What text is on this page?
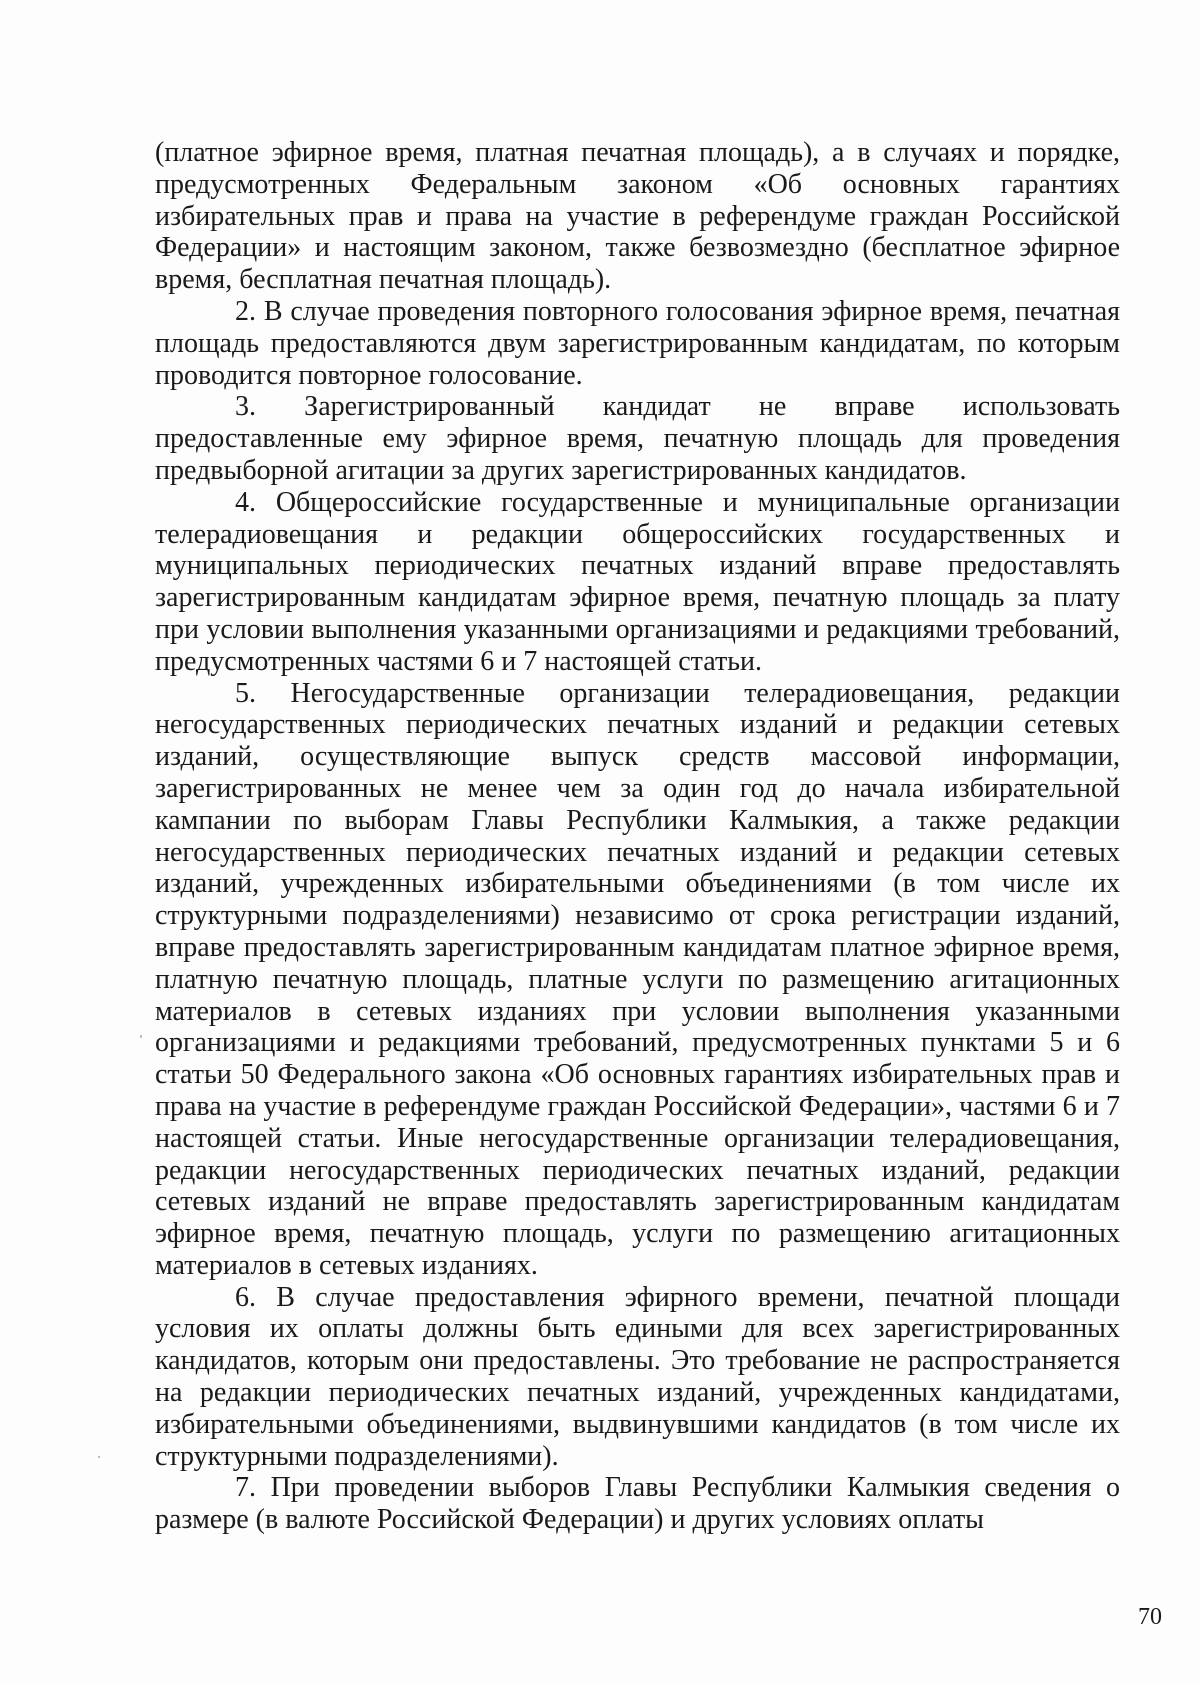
(платное эфирное время, платная печатная площадь), а в случаях и порядке, предусмотренных Федеральным законом «Об основных гарантиях избирательных прав и права на участие в референдуме граждан Российской Федерации» и настоящим законом, также безвозмездно (бесплатное эфирное время, бесплатная печатная площадь).

2. В случае проведения повторного голосования эфирное время, печатная площадь предоставляются двум зарегистрированным кандидатам, по которым проводится повторное голосование.

3. Зарегистрированный кандидат не вправе использовать предоставленные ему эфирное время, печатную площадь для проведения предвыборной агитации за других зарегистрированных кандидатов.

4. Общероссийские государственные и муниципальные организации телерадиовещания и редакции общероссийских государственных и муниципальных периодических печатных изданий вправе предоставлять зарегистрированным кандидатам эфирное время, печатную площадь за плату при условии выполнения указанными организациями и редакциями требований, предусмотренных частями 6 и 7 настоящей статьи.

5. Негосударственные организации телерадиовещания, редакции негосударственных периодических печатных изданий и редакции сетевых изданий, осуществляющие выпуск средств массовой информации, зарегистрированных не менее чем за один год до начала избирательной кампании по выборам Главы Республики Калмыкия, а также редакции негосударственных периодических печатных изданий и редакции сетевых изданий, учрежденных избирательными объединениями (в том числе их структурными подразделениями) независимо от срока регистрации изданий, вправе предоставлять зарегистрированным кандидатам платное эфирное время, платную печатную площадь, платные услуги по размещению агитационных материалов в сетевых изданиях при условии выполнения указанными организациями и редакциями требований, предусмотренных пунктами 5 и 6 статьи 50 Федерального закона «Об основных гарантиях избирательных прав и права на участие в референдуме граждан Российской Федерации», частями 6 и 7 настоящей статьи. Иные негосударственные организации телерадиовещания, редакции негосударственных периодических печатных изданий, редакции сетевых изданий не вправе предоставлять зарегистрированным кандидатам эфирное время, печатную площадь, услуги по размещению агитационных материалов в сетевых изданиях.

6. В случае предоставления эфирного времени, печатной площади условия их оплаты должны быть едиными для всех зарегистрированных кандидатов, которым они предоставлены. Это требование не распространяется на редакции периодических печатных изданий, учрежденных кандидатами, избирательными объединениями, выдвинувшими кандидатов (в том числе их структурными подразделениями).

7. При проведении выборов Главы Республики Калмыкия сведения о размере (в валюте Российской Федерации) и других условиях оплаты

70
